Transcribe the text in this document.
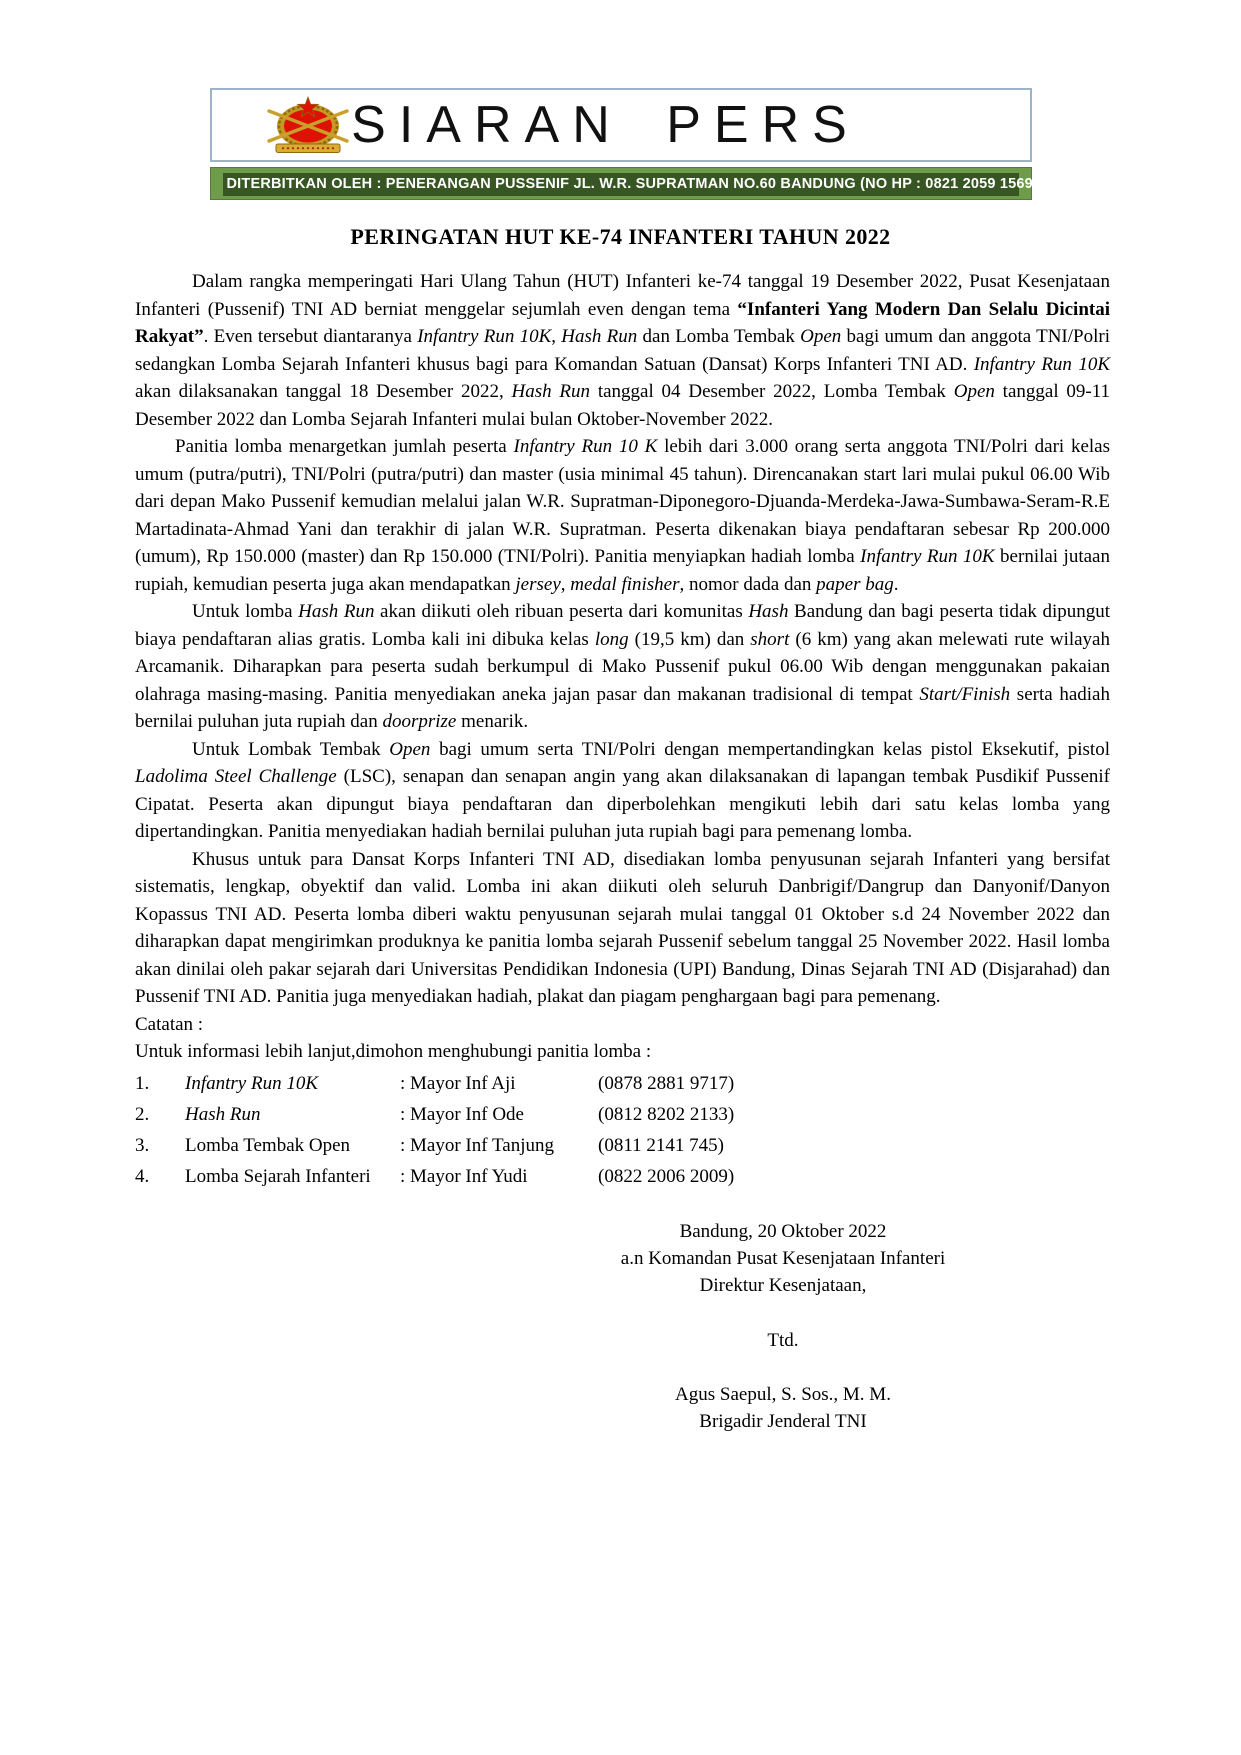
SIARAN PERS
DITERBITKAN OLEH : PENERANGAN PUSSENIF JL. W.R. SUPRATMAN NO.60 BANDUNG (NO HP : 0821 2059 1569)
PERINGATAN HUT KE-74 INFANTERI TAHUN 2022

Dalam rangka memperingati Hari Ulang Tahun (HUT) Infanteri ke-74 tanggal 19 Desember 2022, Pusat Kesenjataan Infanteri (Pussenif) TNI AD berniat menggelar sejumlah even dengan tema “Infanteri Yang Modern Dan Selalu Dicintai Rakyat”. Even tersebut diantaranya Infantry Run 10K, Hash Run dan Lomba Tembak Open bagi umum dan anggota TNI/Polri sedangkan Lomba Sejarah Infanteri khusus bagi para Komandan Satuan (Dansat) Korps Infanteri TNI AD. Infantry Run 10K akan dilaksanakan tanggal 18 Desember 2022, Hash Run tanggal 04 Desember 2022, Lomba Tembak Open tanggal 09-11 Desember 2022 dan Lomba Sejarah Infanteri mulai bulan Oktober-November 2022.

Panitia lomba menargetkan jumlah peserta Infantry Run 10 K lebih dari 3.000 orang serta anggota TNI/Polri dari kelas umum (putra/putri), TNI/Polri (putra/putri) dan master (usia minimal 45 tahun). Direncanakan start lari mulai pukul 06.00 Wib dari depan Mako Pussenif kemudian melalui jalan W.R. Supratman-Diponegoro-Djuanda-Merdeka-Jawa-Sumbawa-Seram-R.E Martadinata-Ahmad Yani dan terakhir di jalan W.R. Supratman. Peserta dikenakan biaya pendaftaran sebesar Rp 200.000 (umum), Rp 150.000 (master) dan Rp 150.000 (TNI/Polri). Panitia menyiapkan hadiah lomba Infantry Run 10K bernilai jutaan rupiah, kemudian peserta juga akan mendapatkan jersey, medal finisher, nomor dada dan paper bag.

Untuk lomba Hash Run akan diikuti oleh ribuan peserta dari komunitas Hash Bandung dan bagi peserta tidak dipungut biaya pendaftaran alias gratis. Lomba kali ini dibuka kelas long (19,5 km) dan short (6 km) yang akan melewati rute wilayah Arcamanik. Diharapkan para peserta sudah berkumpul di Mako Pussenif pukul 06.00 Wib dengan menggunakan pakaian olahraga masing-masing. Panitia menyediakan aneka jajan pasar dan makanan tradisional di tempat Start/Finish serta hadiah bernilai puluhan juta rupiah dan doorprize menarik.

Untuk Lombak Tembak Open bagi umum serta TNI/Polri dengan mempertandingkan kelas pistol Eksekutif, pistol Ladolima Steel Challenge (LSC), senapan dan senapan angin yang akan dilaksanakan di lapangan tembak Pusdikif Pussenif Cipatat. Peserta akan dipungut biaya pendaftaran dan diperbolehkan mengikuti lebih dari satu kelas lomba yang dipertandingkan. Panitia menyediakan hadiah bernilai puluhan juta rupiah bagi para pemenang lomba.

Khusus untuk para Dansat Korps Infanteri TNI AD, disediakan lomba penyusunan sejarah Infanteri yang bersifat sistematis, lengkap, obyektif dan valid. Lomba ini akan diikuti oleh seluruh Danbrigif/Dangrup dan Danyonif/Danyon Kopassus TNI AD. Peserta lomba diberi waktu penyusunan sejarah mulai tanggal 01 Oktober s.d 24 November 2022 dan diharapkan dapat mengirimkan produknya ke panitia lomba sejarah Pussenif sebelum tanggal 25 November 2022. Hasil lomba akan dinilai oleh pakar sejarah dari Universitas Pendidikan Indonesia (UPI) Bandung, Dinas Sejarah TNI AD (Disjarahad) dan Pussenif TNI AD. Panitia juga menyediakan hadiah, plakat dan piagam penghargaan bagi para pemenang.

Catatan :

Untuk informasi lebih lanjut,dimohon menghubungi panitia lomba :

1.	Infantry Run 10K	: Mayor Inf Aji	(0878 2881 9717)
2.	Hash Run	: Mayor Inf Ode	(0812 8202 2133)
3.	Lomba Tembak Open	: Mayor Inf Tanjung	(0811 2141 745)
4.	Lomba Sejarah Infanteri	: Mayor Inf Yudi	(0822 2006 2009)
Bandung, 20 Oktober 2022
a.n Komandan Pusat Kesenjataan Infanteri
Direktur Kesenjataan,
Ttd.
Agus Saepul, S. Sos., M. M.
Brigadir Jenderal TNI
